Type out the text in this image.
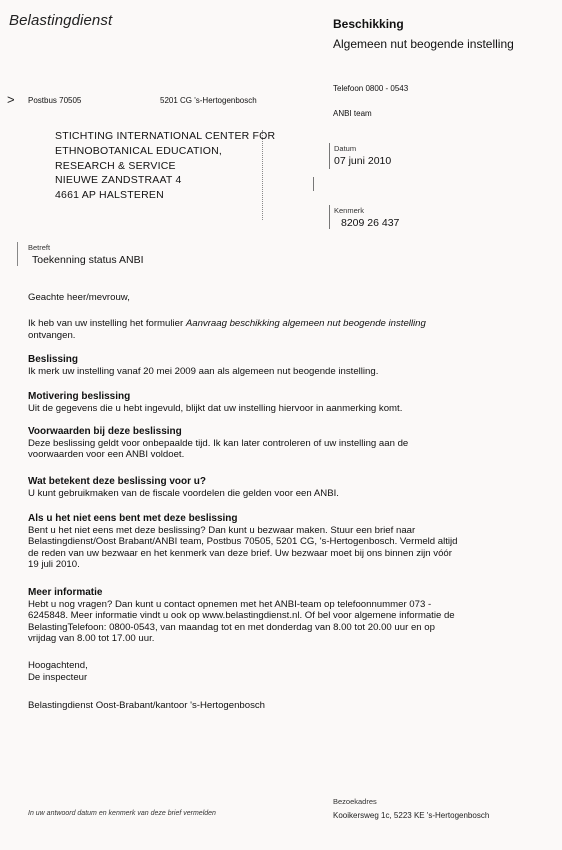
Belastingdienst	Beschikking
Algemeen nut beogende instelling
> Postbus 70505	5201 CG 's-Hertogenbosch
Telefoon 0800 - 0543
ANBI team
STICHTING INTERNATIONAL CENTER FOR
ETHNOBOTANICAL EDUCATION,
RESEARCH & SERVICE
NIEUWE ZANDSTRAAT 4
4661 AP HALSTEREN
Datum
07 juni 2010
Kenmerk
8209 26 437
Betreft
Toekenning status ANBI
Geachte heer/mevrouw,

Ik heb van uw instelling het formulier Aanvraag beschikking algemeen nut beogende instelling

ontvangen.

Beslissing

Ik merk uw instelling vanaf 20 mei 2009 aan als algemeen nut beogende instelling.

Motivering beslissing

Uit de gegevens die u hebt ingevuld, blijkt dat uw instelling hiervoor in aanmerking komt.

Voorwaarden bij deze beslissing

Deze beslissing geldt voor onbepaalde tijd. Ik kan later controleren of uw instelling aan de voorwaarden voor een ANBI voldoet.

Wat betekent deze beslissing voor u?

U kunt gebruikmaken van de fiscale voordelen die gelden voor een ANBI.

Als u het niet eens bent met deze beslissing

Bent u het niet eens met deze beslissing? Dan kunt u bezwaar maken. Stuur een brief naar Belastingdienst/Oost Brabant/ANBI team, Postbus 70505, 5201 CG, 's-Hertogenbosch. Vermeld altijd de reden van uw bezwaar en het kenmerk van deze brief. Uw bezwaar moet bij ons binnen zijn vóór 19 juli 2010.

Meer informatie

Hebt u nog vragen? Dan kunt u contact opnemen met het ANBI-team op telefoonnummer 073 - 6245848. Meer informatie vindt u ook op www.belastingdienst.nl. Of bel voor algemene informatie de BelastingTelefoon: 0800-0543, van maandag tot en met donderdag van 8.00 tot 20.00 uur en op vrijdag van 8.00 tot 17.00 uur.

Hoogachtend,

De inspecteur

Belastingdienst Oost-Brabant/kantoor 's-Hertogenbosch
In uw antwoord datum en kenmerk van deze brief vermelden
Bezoekadres
Kooikersweg 1c, 5223 KE 's-Hertogenbosch
